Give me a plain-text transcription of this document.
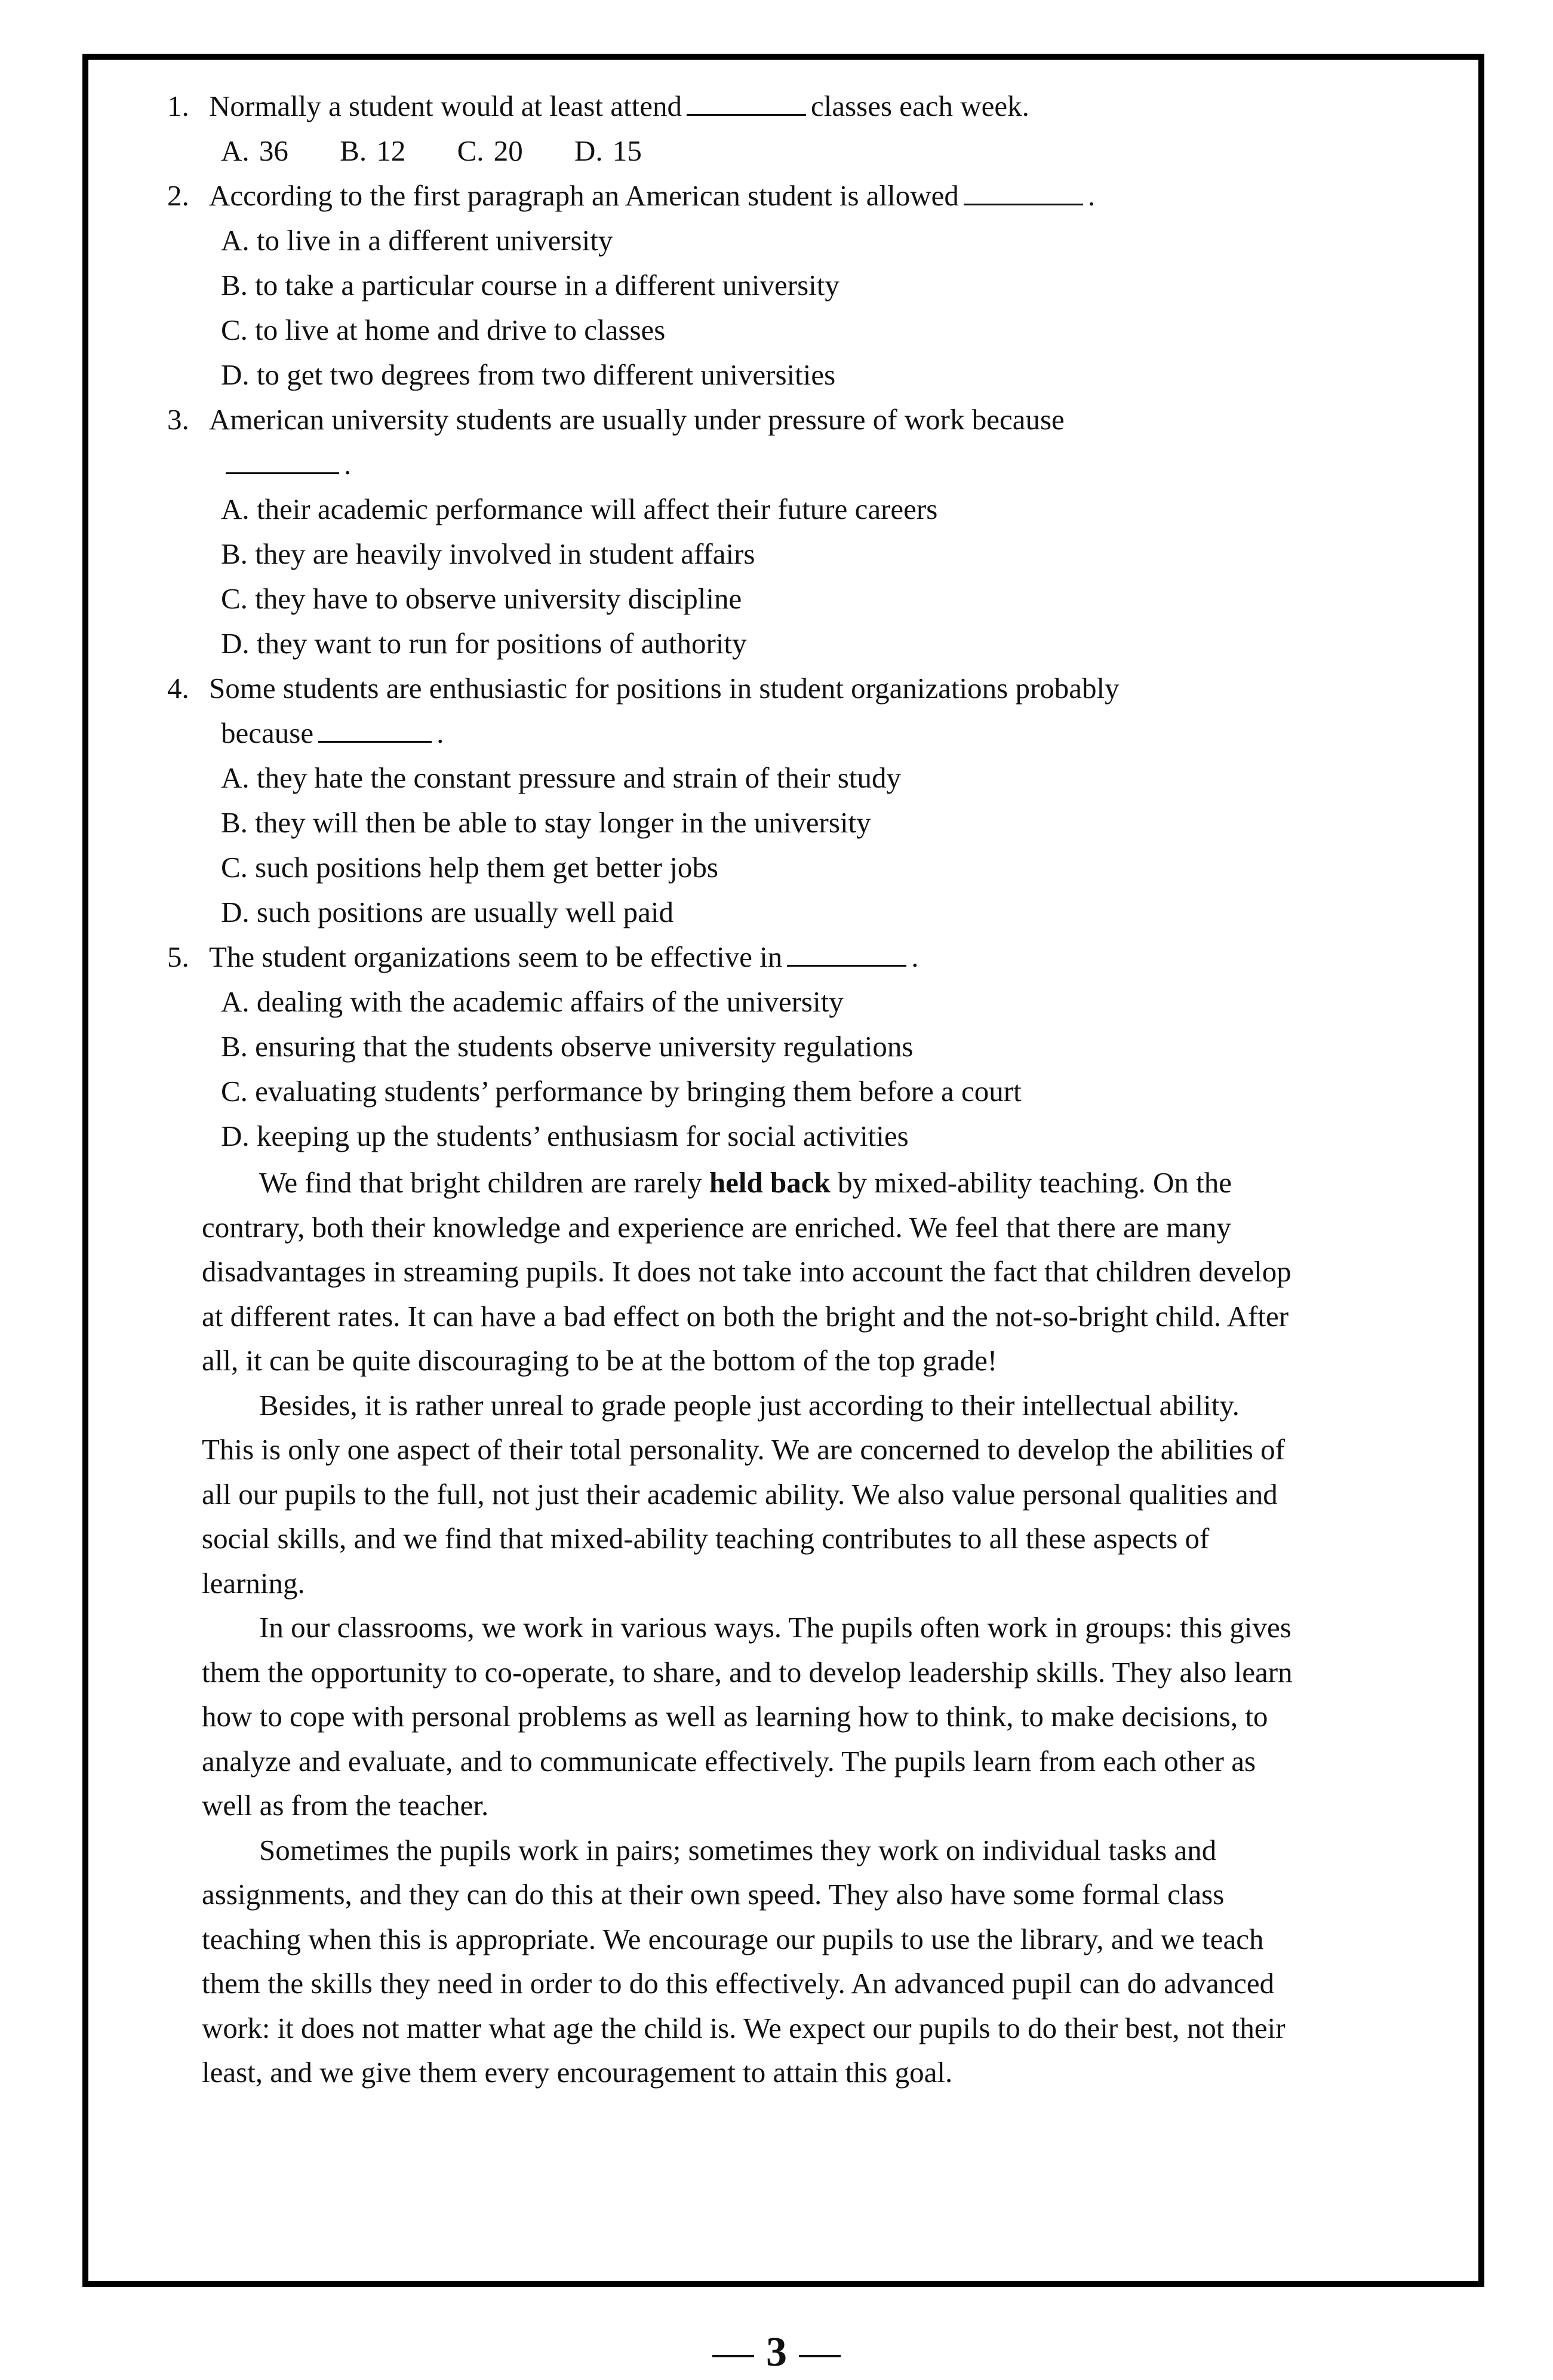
1. Normally a student would at least attend	classes each week.
A. 36 B. 12 C. 20 D. 15
2. According to the first paragraph an American student is allowed	.
A. to live in a different university
B. to take a particular course in a different university
C. to live at home and drive to classes
D. to get two degrees from two different universities
3. American university students are usually under pressure of work because
.
A. their academic performance will affect their future careers
B. they are heavily involved in student affairs
C. they have to observe university discipline
D. they want to run for positions of authority
4. Some students are enthusiastic for positions in student organizations probably
because	.
A. they hate the constant pressure and strain of their study
B. they will then be able to stay longer in the university
C. such positions help them get better jobs
D. such positions are usually well paid
5. The student organizations seem to be effective in	.
A. dealing with the academic affairs of the university
B. ensuring that the students observe university regulations
C. evaluating students’ performance by bringing them before a court
D. keeping up the students’ enthusiasm for social activities

We find that bright children are rarely held back by mixed-ability teaching. On the contrary, both their knowledge and experience are enriched. We feel that there are many disadvantages in streaming pupils. It does not take into account the fact that children develop at different rates. It can have a bad effect on both the bright and the not-so-bright child. After all, it can be quite discouraging to be at the bottom of the top grade!

Besides, it is rather unreal to grade people just according to their intellectual ability. This is only one aspect of their total personality. We are concerned to develop the abilities of all our pupils to the full, not just their academic ability. We also value personal qualities and social skills, and we find that mixed-ability teaching contributes to all these aspects of learning.

In our classrooms, we work in various ways. The pupils often work in groups: this gives them the opportunity to co-operate, to share, and to develop leadership skills. They also learn how to cope with personal problems as well as learning how to think, to make decisions, to analyze and evaluate, and to communicate effectively. The pupils learn from each other as well as from the teacher.

Sometimes the pupils work in pairs; sometimes they work on individual tasks and assignments, and they can do this at their own speed. They also have some formal class teaching when this is appropriate. We encourage our pupils to use the library, and we teach them the skills they need in order to do this effectively. An advanced pupil can do advanced work: it does not matter what age the child is. We expect our pupils to do their best, not their least, and we give them every encouragement to attain this goal.

3
